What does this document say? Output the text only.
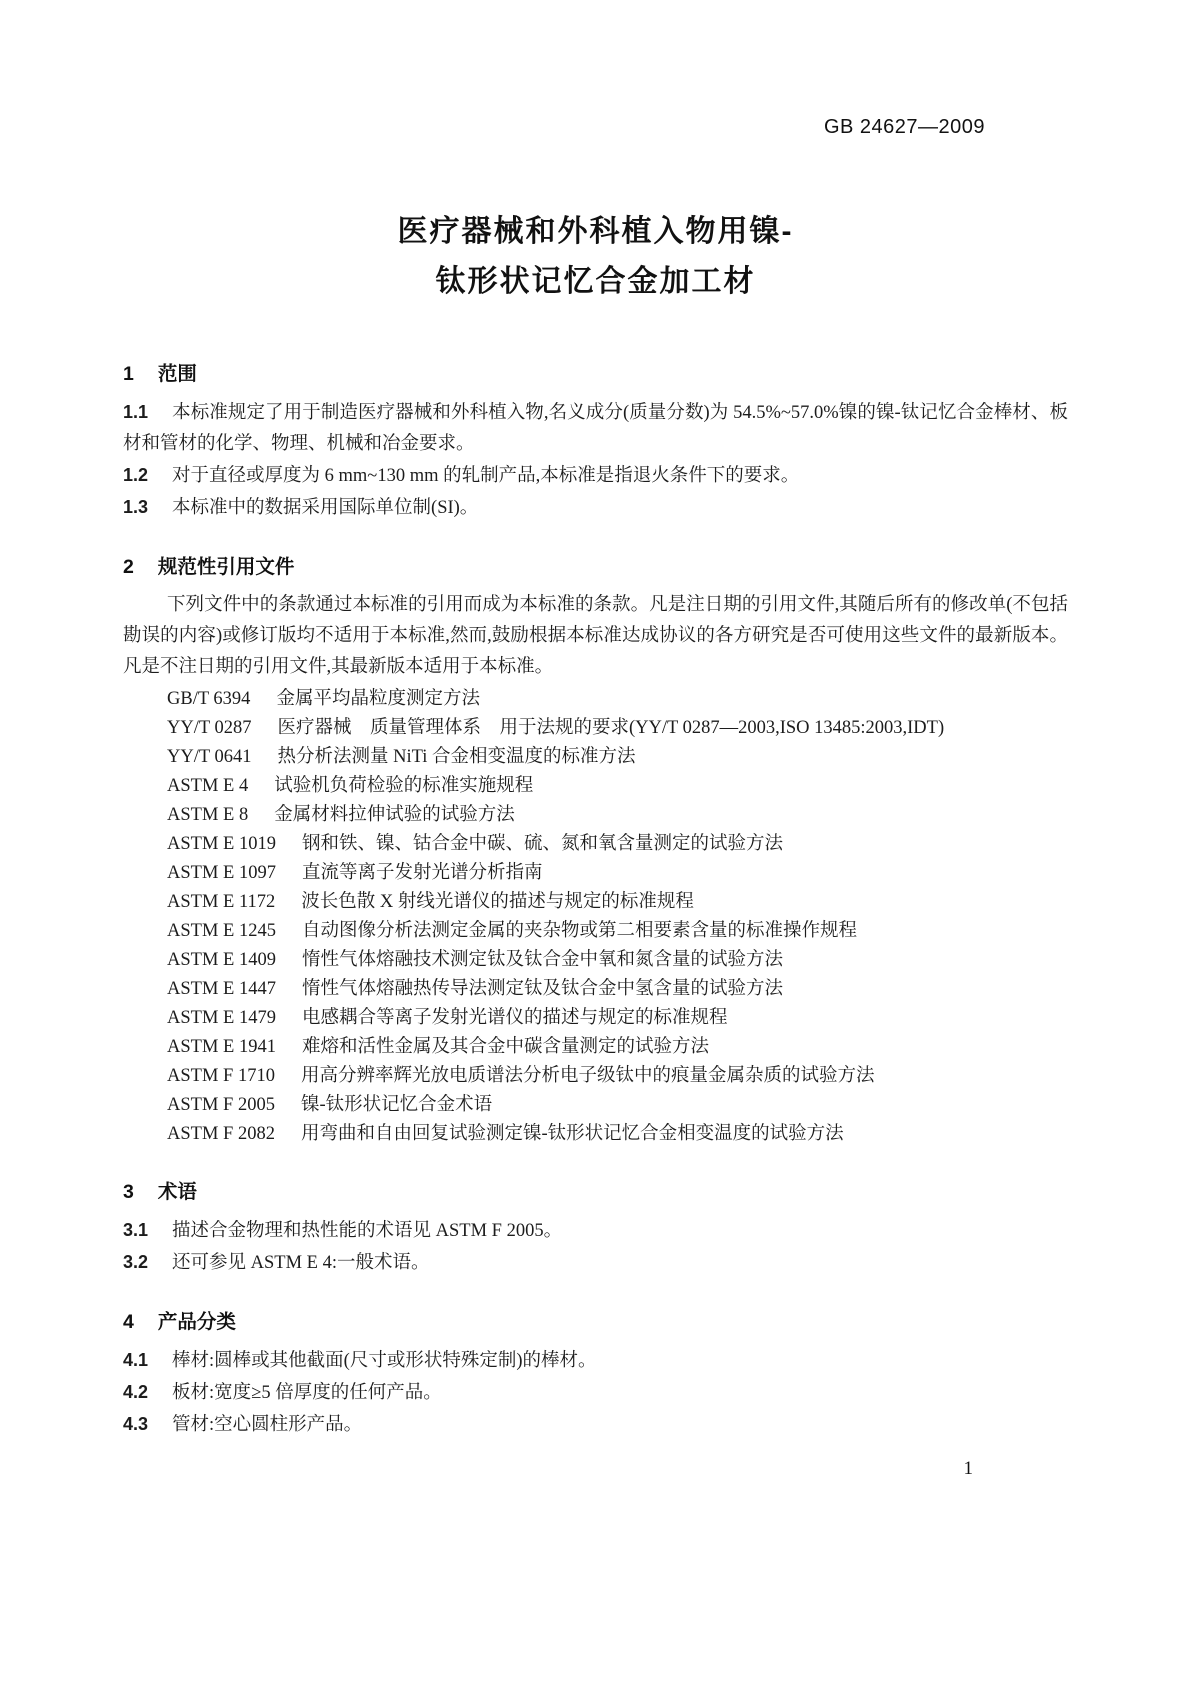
GB 24627—2009
医疗器械和外科植入物用镍-
钛形状记忆合金加工材
1 范围

1.1 本标准规定了用于制造医疗器械和外科植入物,名义成分(质量分数)为 54.5%~57.0%镍的镍-钛记忆合金棒材、板材和管材的化学、物理、机械和冶金要求。

1.2 对于直径或厚度为 6 mm~130 mm 的轧制产品,本标准是指退火条件下的要求。

1.3 本标准中的数据采用国际单位制(SI)。

2 规范性引用文件

下列文件中的条款通过本标准的引用而成为本标准的条款。凡是注日期的引用文件,其随后所有的修改单(不包括勘误的内容)或修订版均不适用于本标准,然而,鼓励根据本标准达成协议的各方研究是否可使用这些文件的最新版本。凡是不注日期的引用文件,其最新版本适用于本标准。

GB/T 6394 金属平均晶粒度测定方法

YY/T 0287 医疗器械　质量管理体系　用于法规的要求(YY/T 0287—2003,ISO 13485:2003,IDT)

YY/T 0641 热分析法测量 NiTi 合金相变温度的标准方法

ASTM E 4 试验机负荷检验的标准实施规程

ASTM E 8 金属材料拉伸试验的试验方法

ASTM E 1019 钢和铁、镍、钴合金中碳、硫、氮和氧含量测定的试验方法

ASTM E 1097 直流等离子发射光谱分析指南

ASTM E 1172 波长色散 X 射线光谱仪的描述与规定的标准规程

ASTM E 1245 自动图像分析法测定金属的夹杂物或第二相要素含量的标准操作规程

ASTM E 1409 惰性气体熔融技术测定钛及钛合金中氧和氮含量的试验方法

ASTM E 1447 惰性气体熔融热传导法测定钛及钛合金中氢含量的试验方法

ASTM E 1479 电感耦合等离子发射光谱仪的描述与规定的标准规程

ASTM E 1941 难熔和活性金属及其合金中碳含量测定的试验方法

ASTM F 1710 用高分辨率辉光放电质谱法分析电子级钛中的痕量金属杂质的试验方法

ASTM F 2005 镍-钛形状记忆合金术语

ASTM F 2082 用弯曲和自由回复试验测定镍-钛形状记忆合金相变温度的试验方法

3 术语

3.1 描述合金物理和热性能的术语见 ASTM F 2005。

3.2 还可参见 ASTM E 4:一般术语。

4 产品分类

4.1 棒材:圆棒或其他截面(尺寸或形状特殊定制)的棒材。

4.2 板材:宽度≥5 倍厚度的任何产品。

4.3 管材:空心圆柱形产品。

1
